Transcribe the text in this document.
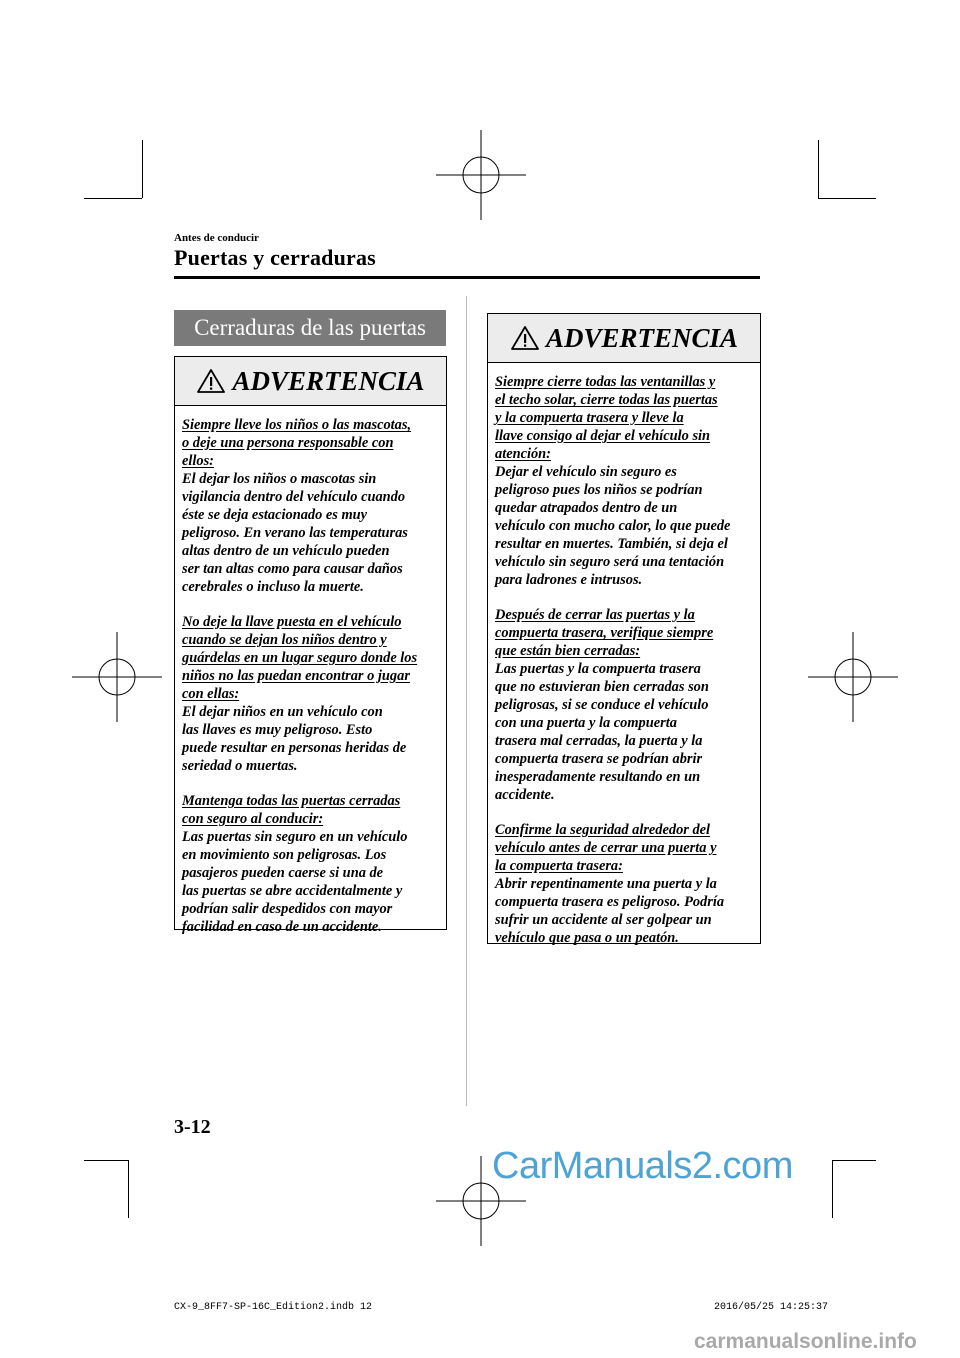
Antes de conducir
Puertas y cerraduras
Cerraduras de las puertas
ADVERTENCIA

Siempre lleve los niños o las mascotas,
o deje una persona responsable con
ellos:
El dejar los niños o mascotas sin
vigilancia dentro del vehículo cuando
éste se deja estacionado es muy
peligroso. En verano las temperaturas
altas dentro de un vehículo pueden
ser tan altas como para causar daños
cerebrales o incluso la muerte.

No deje la llave puesta en el vehículo
cuando se dejan los niños dentro y
guárdelas en un lugar seguro donde los
niños no las puedan encontrar o jugar
con ellas:
El dejar niños en un vehículo con
las llaves es muy peligroso. Esto
puede resultar en personas heridas de
seriedad o muertas.

Mantenga todas las puertas cerradas
con seguro al conducir:
Las puertas sin seguro en un vehículo
en movimiento son peligrosas. Los
pasajeros pueden caerse si una de
las puertas se abre accidentalmente y
podrían salir despedidos con mayor
facilidad en caso de un accidente.

ADVERTENCIA

Siempre cierre todas las ventanillas y
el techo solar, cierre todas las puertas
y la compuerta trasera y lleve la
llave consigo al dejar el vehículo sin
atención:
Dejar el vehículo sin seguro es
peligroso pues los niños se podrían
quedar atrapados dentro de un
vehículo con mucho calor, lo que puede
resultar en muertes. También, si deja el
vehículo sin seguro será una tentación
para ladrones e intrusos.

Después de cerrar las puertas y la
compuerta trasera, verifique siempre
que están bien cerradas:
Las puertas y la compuerta trasera
que no estuvieran bien cerradas son
peligrosas, si se conduce el vehículo
con una puerta y la compuerta
trasera mal cerradas, la puerta y la
compuerta trasera se podrían abrir
inesperadamente resultando en un
accidente.

Confirme la seguridad alrededor del
vehículo antes de cerrar una puerta y
la compuerta trasera:
Abrir repentinamente una puerta y la
compuerta trasera es peligroso. Podría
sufrir un accidente al ser golpear un
vehículo que pasa o un peatón.

3-12
CarManuals2.com
CX-9_8FF7-SP-16C_Edition2.indb 12	2016/05/25 14:25:37
carmanualsonline.info
